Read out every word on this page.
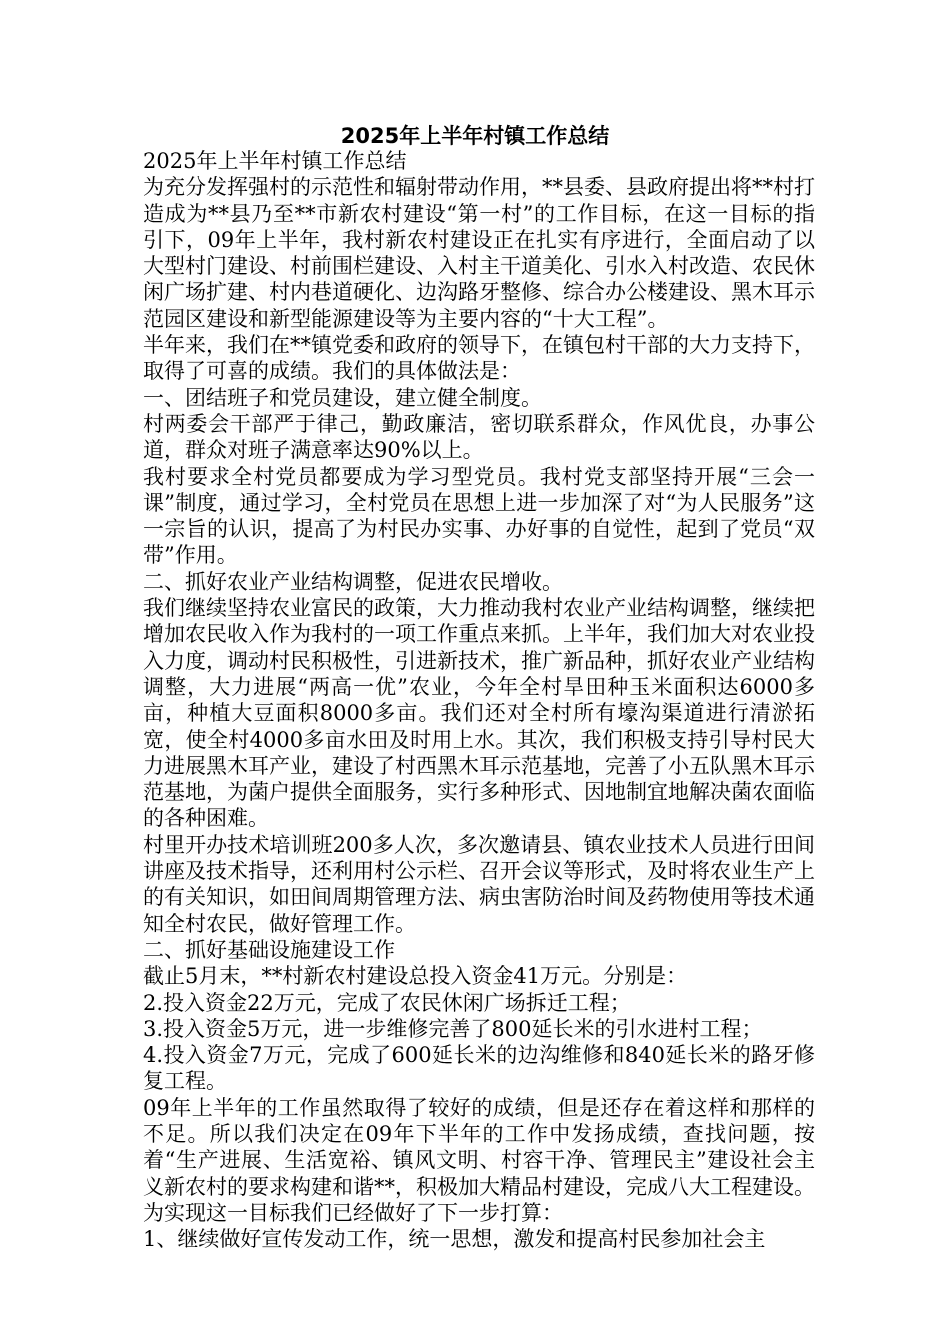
2025年上半年村镇工作总结

2025年上半年村镇工作总结

为充分发挥强村的示范性和辐射带动作用，**县委、县政府提出将**村打造成为**县乃至**市新农村建设“第一村”的工作目标，在这一目标的指引下，09年上半年，我村新农村建设正在扎实有序进行，全面启动了以大型村门建设、村前围栏建设、入村主干道美化、引水入村改造、农民休闲广场扩建、村内巷道硬化、边沟路牙整修、综合办公楼建设、黑木耳示范园区建设和新型能源建设等为主要内容的“十大工程”。

半年来，我们在**镇党委和政府的领导下，在镇包村干部的大力支持下，取得了可喜的成绩。我们的具体做法是：

一、团结班子和党员建设，建立健全制度。

村两委会干部严于律己，勤政廉洁，密切联系群众，作风优良，办事公道，群众对班子满意率达90%以上。

我村要求全村党员都要成为学习型党员。我村党支部坚持开展“三会一课”制度，通过学习，全村党员在思想上进一步加深了对“为人民服务”这一宗旨的认识，提高了为村民办实事、办好事的自觉性，起到了党员“双带”作用。

二、抓好农业产业结构调整，促进农民增收。

我们继续坚持农业富民的政策，大力推动我村农业产业结构调整，继续把增加农民收入作为我村的一项工作重点来抓。上半年，我们加大对农业投入力度，调动村民积极性，引进新技术，推广新品种，抓好农业产业结构调整，大力进展“两高一优”农业，今年全村旱田种玉米面积达6000多亩，种植大豆面积8000多亩。我们还对全村所有壕沟渠道进行清淤拓宽，使全村4000多亩水田及时用上水。其次，我们积极支持引导村民大力进展黑木耳产业，建设了村西黑木耳示范基地，完善了小五队黑木耳示范基地，为菌户提供全面服务，实行多种形式、因地制宜地解决菌农面临的各种困难。

村里开办技术培训班200多人次，多次邀请县、镇农业技术人员进行田间讲座及技术指导，还利用村公示栏、召开会议等形式，及时将农业生产上的有关知识，如田间周期管理方法、病虫害防治时间及药物使用等技术通知全村农民，做好管理工作。

二、抓好基础设施建设工作

截止5月末，**村新农村建设总投入资金41万元。分别是：

2.投入资金22万元，完成了农民休闲广场拆迁工程；

3.投入资金5万元，进一步维修完善了800延长米的引水进村工程；

4.投入资金7万元，完成了600延长米的边沟维修和840延长米的路牙修复工程。

09年上半年的工作虽然取得了较好的成绩，但是还存在着这样和那样的不足。所以我们决定在09年下半年的工作中发扬成绩，查找问题，按着“生产进展、生活宽裕、镇风文明、村容干净、管理民主”建设社会主义新农村的要求构建和谐**，积极加大精品村建设，完成八大工程建设。为实现这一目标我们已经做好了下一步打算：

1、继续做好宣传发动工作，统一思想，激发和提高村民参加社会主
